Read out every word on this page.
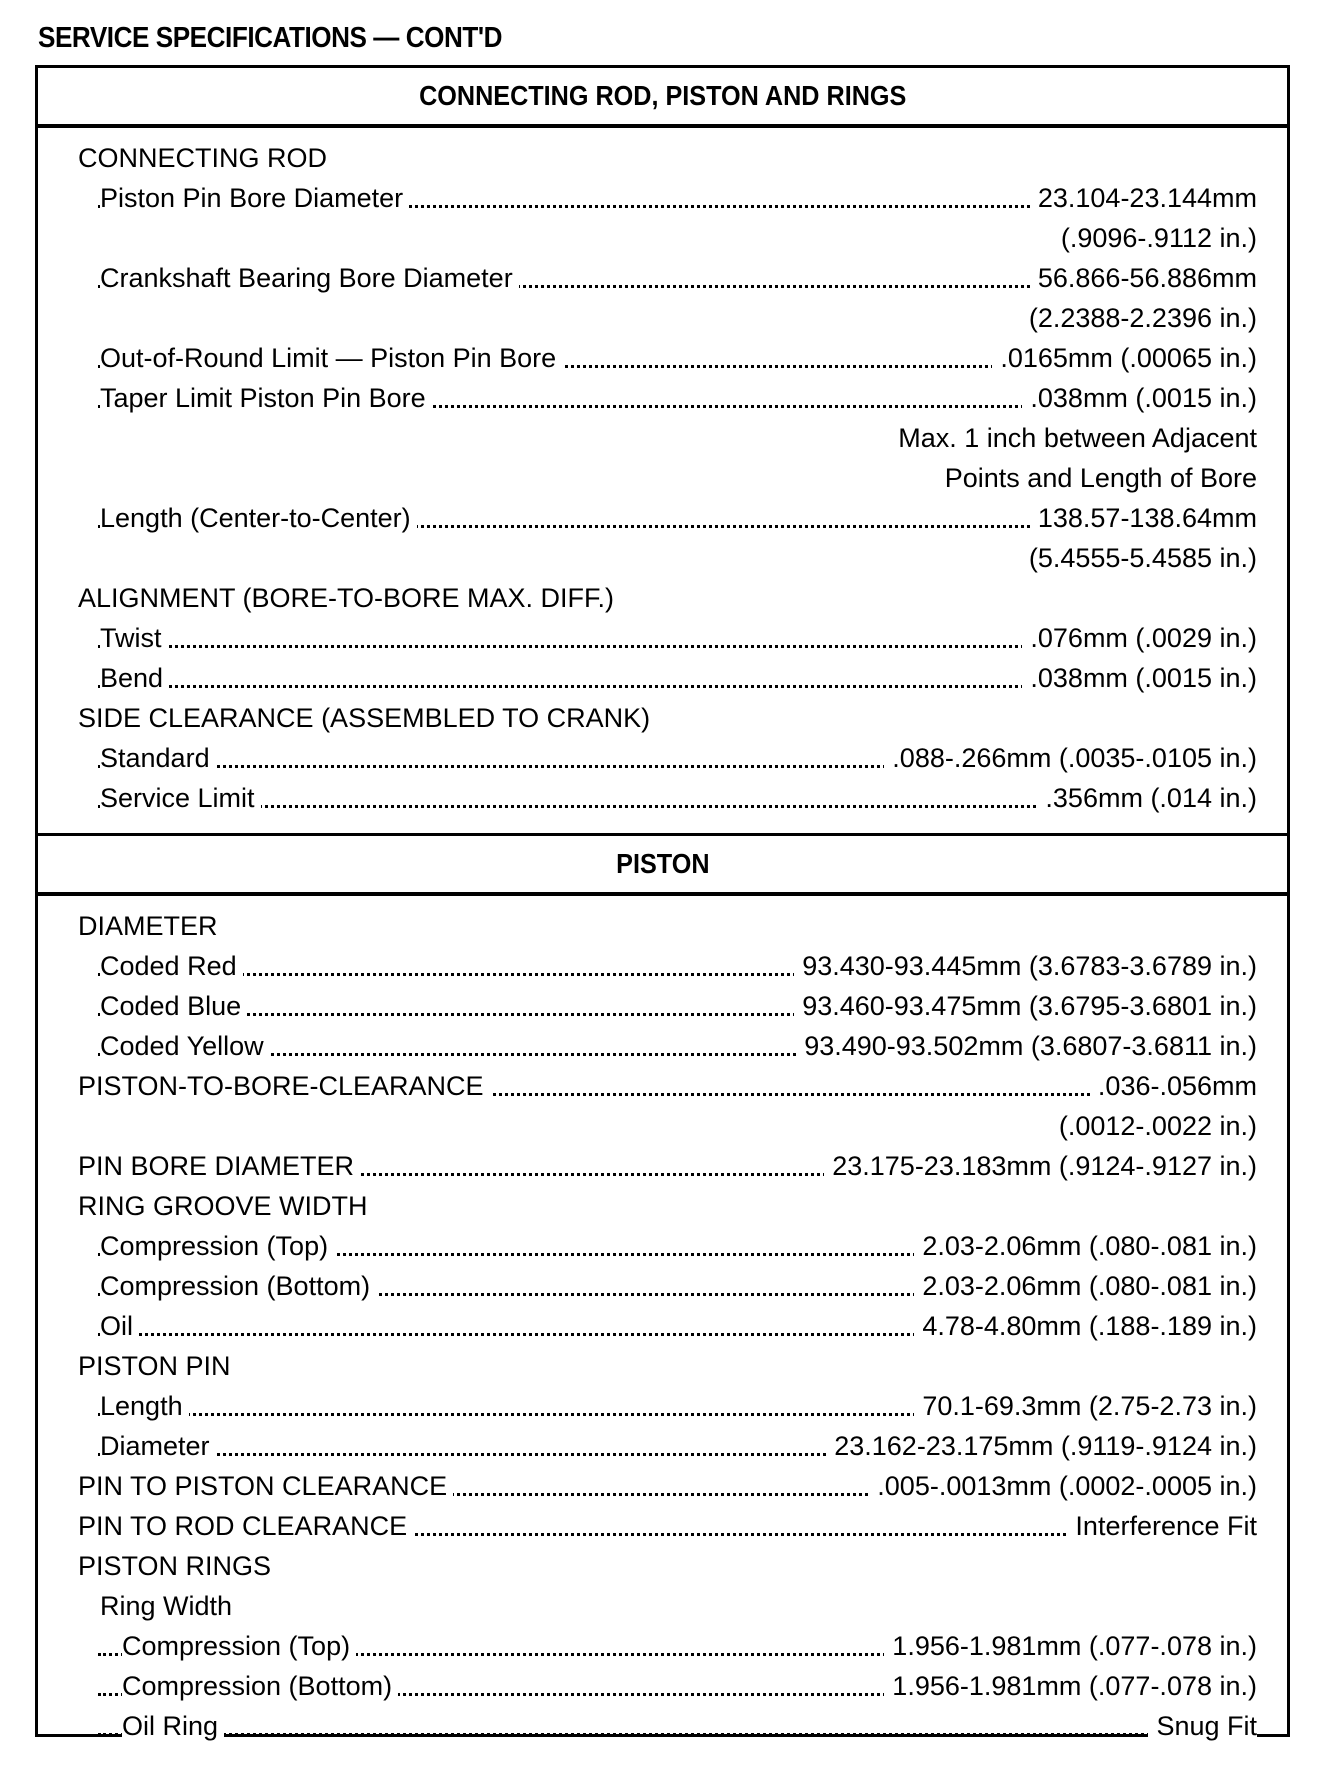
SERVICE SPECIFICATIONS — CONT'D
CONNECTING ROD, PISTON AND RINGS
CONNECTING ROD
Piston Pin Bore Diameter	23.104-23.144mm
(.9096-.9112 in.)
Crankshaft Bearing Bore Diameter	56.866-56.886mm
(2.2388-2.2396 in.)
Out-of-Round Limit — Piston Pin Bore	.0165mm (.00065 in.)
Taper Limit Piston Pin Bore	.038mm (.0015 in.)
Max. 1 inch between Adjacent
Points and Length of Bore
Length (Center-to-Center)	138.57-138.64mm
(5.4555-5.4585 in.)
ALIGNMENT (BORE-TO-BORE MAX. DIFF.)
Twist	.076mm (.0029 in.)
Bend	.038mm (.0015 in.)
SIDE CLEARANCE (ASSEMBLED TO CRANK)
Standard	.088-.266mm (.0035-.0105 in.)
Service Limit	.356mm (.014 in.)
PISTON
DIAMETER
Coded Red	93.430-93.445mm (3.6783-3.6789 in.)
Coded Blue	93.460-93.475mm (3.6795-3.6801 in.)
Coded Yellow	93.490-93.502mm (3.6807-3.6811 in.)
PISTON-TO-BORE-CLEARANCE	.036-.056mm
(.0012-.0022 in.)
PIN BORE DIAMETER	23.175-23.183mm (.9124-.9127 in.)
RING GROOVE WIDTH
Compression (Top)	2.03-2.06mm (.080-.081 in.)
Compression (Bottom)	2.03-2.06mm (.080-.081 in.)
Oil	4.78-4.80mm (.188-.189 in.)
PISTON PIN
Length	70.1-69.3mm (2.75-2.73 in.)
Diameter	23.162-23.175mm (.9119-.9124 in.)
PIN TO PISTON CLEARANCE	.005-.0013mm (.0002-.0005 in.)
PIN TO ROD CLEARANCE	Interference Fit
PISTON RINGS
Ring Width
Compression (Top)	1.956-1.981mm (.077-.078 in.)
Compression (Bottom)	1.956-1.981mm (.077-.078 in.)
Oil Ring	Snug Fit
